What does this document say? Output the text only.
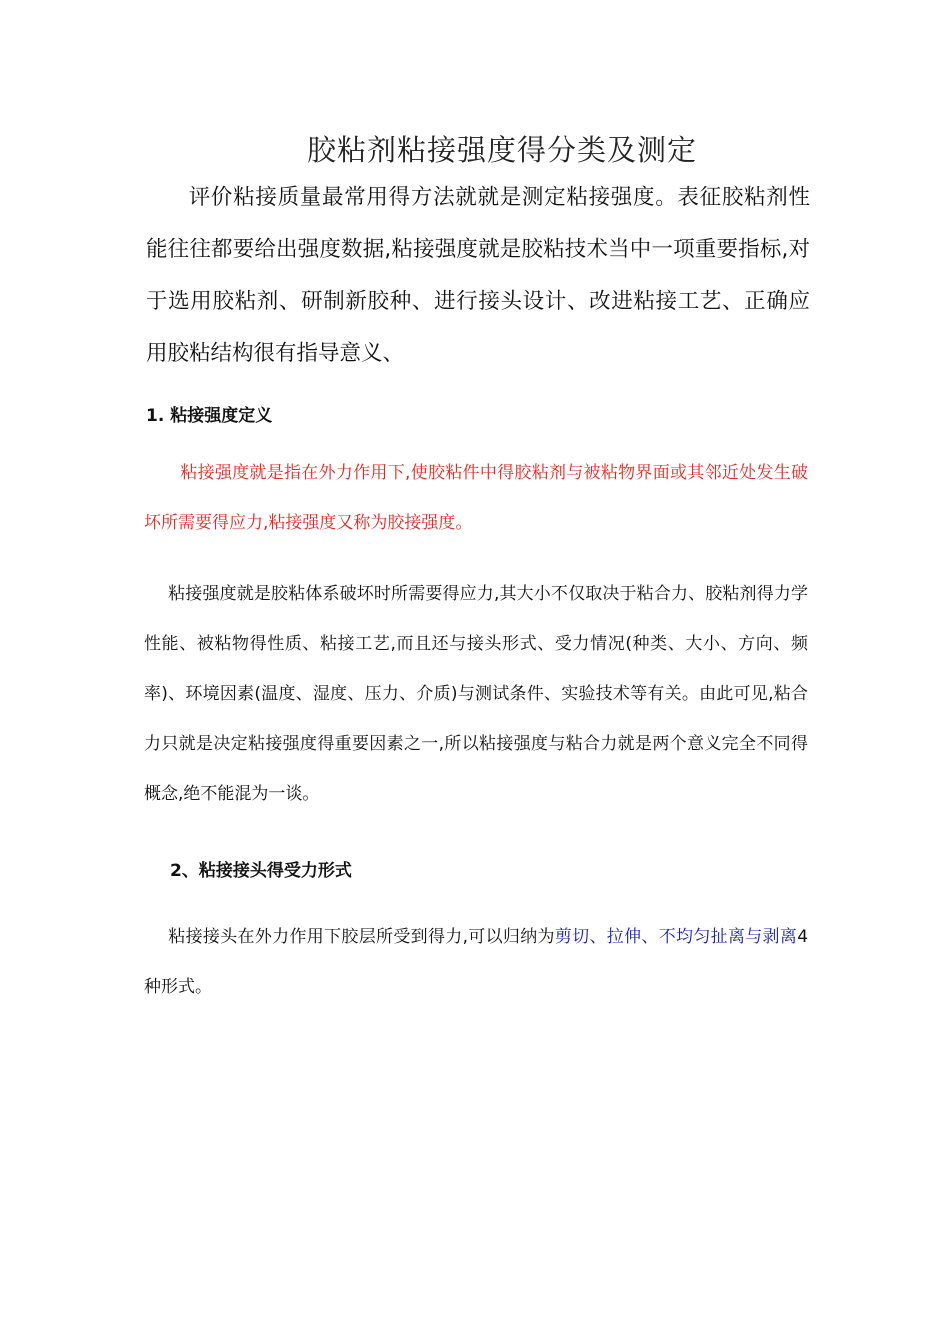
胶粘剂粘接强度得分类及测定
评价粘接质量最常用得方法就就是测定粘接强度。表征胶粘剂性能往往都要给出强度数据,粘接强度就是胶粘技术当中一项重要指标,对于选用胶粘剂、研制新胶种、进行接头设计、改进粘接工艺、正确应用胶粘结构很有指导意义、
1. 粘接强度定义
粘接强度就是指在外力作用下,使胶粘件中得胶粘剂与被粘物界面或其邻近处发生破坏所需要得应力,粘接强度又称为胶接强度。
粘接强度就是胶粘体系破坏时所需要得应力,其大小不仅取决于粘合力、胶粘剂得力学性能、被粘物得性质、粘接工艺,而且还与接头形式、受力情况(种类、大小、方向、频率)、环境因素(温度、湿度、压力、介质)与测试条件、实验技术等有关。由此可见,粘合力只就是决定粘接强度得重要因素之一,所以粘接强度与粘合力就是两个意义完全不同得概念,绝不能混为一谈。
2、粘接接头得受力形式
粘接接头在外力作用下胶层所受到得力,可以归纳为剪切、拉伸、不均匀扯离与剥离4 种形式。
